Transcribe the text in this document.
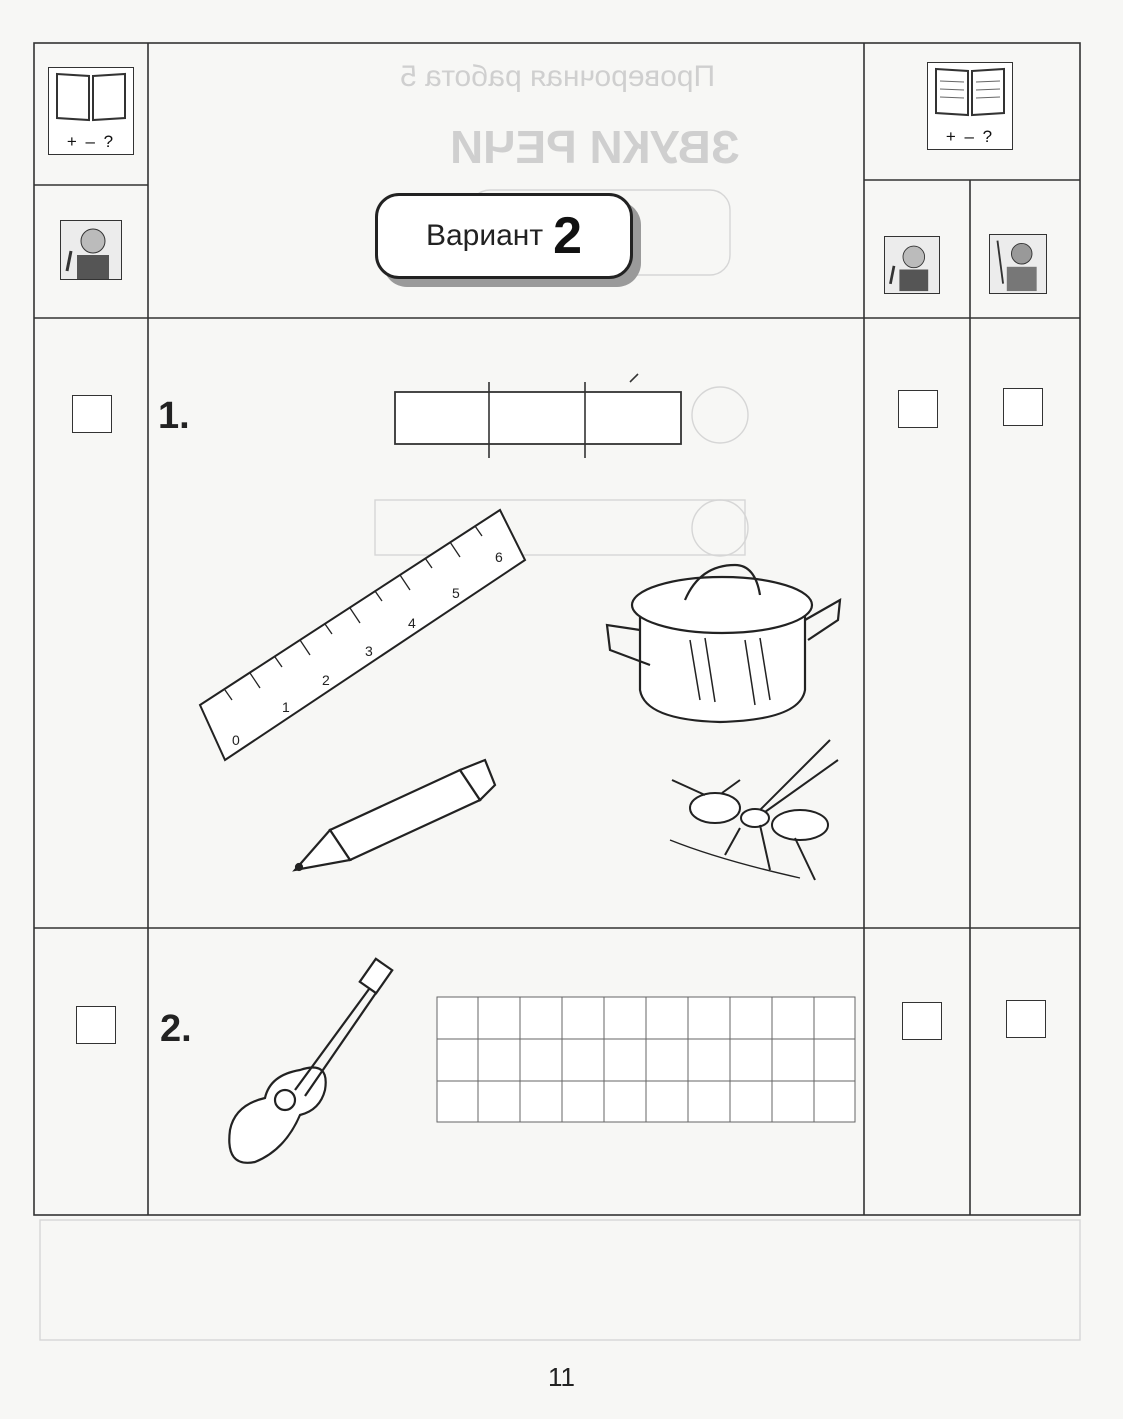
0
1
2
3
4
5
6
Проверочная работа 5
ЗВУКИ РЕЧИ
+ – ?	+ – ?
Вариант 2
1.
2.
11
